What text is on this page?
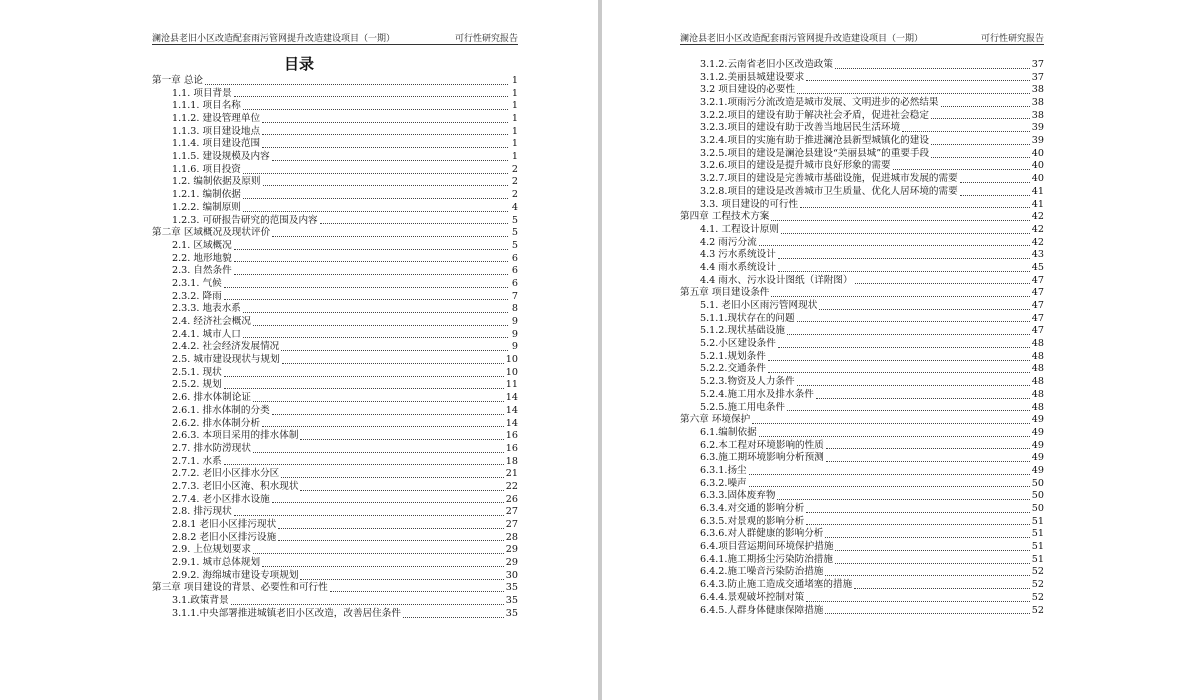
澜沧县老旧小区改造配套雨污管网提升改造建设项目（一期）	可行性研究报告
目录
第一章 总论	1
1.1. 项目背景	1
1.1.1. 项目名称	1
1.1.2. 建设管理单位	1
1.1.3. 项目建设地点	1
1.1.4. 项目建设范围	1
1.1.5. 建设规模及内容	1
1.1.6. 项目投资	2
1.2. 编制依据及原则	2
1.2.1. 编制依据	2
1.2.2. 编制原则	4
1.2.3. 可研报告研究的范围及内容	5
第二章 区域概况及现状评价	5
2.1. 区域概况	5
2.2. 地形地貌	6
2.3. 自然条件	6
2.3.1. 气候	6
2.3.2. 降雨	7
2.3.3. 地表水系	8
2.4. 经济社会概况	9
2.4.1. 城市人口	9
2.4.2. 社会经济发展情况	9
2.5. 城市建设现状与规划	10
2.5.1. 现状	10
2.5.2. 规划	11
2.6. 排水体制论证	14
2.6.1. 排水体制的分类	14
2.6.2. 排水体制分析	14
2.6.3. 本项目采用的排水体制	16
2.7. 排水防涝现状	16
2.7.1. 水系	18
2.7.2. 老旧小区排水分区	21
2.7.3. 老旧小区淹、积水现状	22
2.7.4. 老小区排水设施	26
2.8. 排污现状	27
2.8.1 老旧小区排污现状	27
2.8.2 老旧小区排污设施	28
2.9. 上位规划要求	29
2.9.1. 城市总体规划	29
2.9.2. 海绵城市建设专项规划	30
第三章 项目建设的背景、必要性和可行性	35
3.1.政策背景	35
3.1.1.中央部署推进城镇老旧小区改造，改善居住条件	35
澜沧县老旧小区改造配套雨污管网提升改造建设项目（一期）	可行性研究报告
3.1.2.云南省老旧小区改造政策	37
3.1.2.美丽县城建设要求	37
3.2 项目建设的必要性	38
3.2.1.项雨污分流改造是城市发展、文明进步的必然结果	38
3.2.2.项目的建设有助于解决社会矛盾，促进社会稳定	38
3.2.3.项目的建设有助于改善当地居民生活环境	39
3.2.4.项目的实施有助于推进澜沧县新型城镇化的建设	39
3.2.5.项目的建设是澜沧县建设“美丽县城”的重要手段	40
3.2.6.项目的建设是提升城市良好形象的需要	40
3.2.7.项目的建设是完善城市基础设施，促进城市发展的需要	40
3.2.8.项目的建设是改善城市卫生质量、优化人居环境的需要	41
3.3. 项目建设的可行性	41
第四章 工程技术方案	42
4.1. 工程设计原则	42
4.2 雨污分流	42
4.3 污水系统设计	43
4.4 雨水系统设计	45
4.4 雨水、污水设计图纸（详附图）	47
第五章 项目建设条件	47
5.1. 老旧小区雨污管网现状	47
5.1.1.现状存在的问题	47
5.1.2.现状基础设施	47
5.2.小区建设条件	48
5.2.1.规划条件	48
5.2.2.交通条件	48
5.2.3.物资及人力条件	48
5.2.4.施工用水及排水条件	48
5.2.5.施工用电条件	48
第六章 环境保护	49
6.1.编制依据	49
6.2.本工程对环境影响的性质	49
6.3.施工期环境影响分析预测	49
6.3.1.扬尘	49
6.3.2.噪声	50
6.3.3.固体废弃物	50
6.3.4.对交通的影响分析	50
6.3.5.对景观的影响分析	51
6.3.6.对人群健康的影响分析	51
6.4.项目营运期间环境保护措施	51
6.4.1.施工期扬尘污染防治措施	51
6.4.2.施工噪音污染防治措施	52
6.4.3.防止施工造成交通堵塞的措施	52
6.4.4.景观破坏控制对策	52
6.4.5.人群身体健康保障措施	52
